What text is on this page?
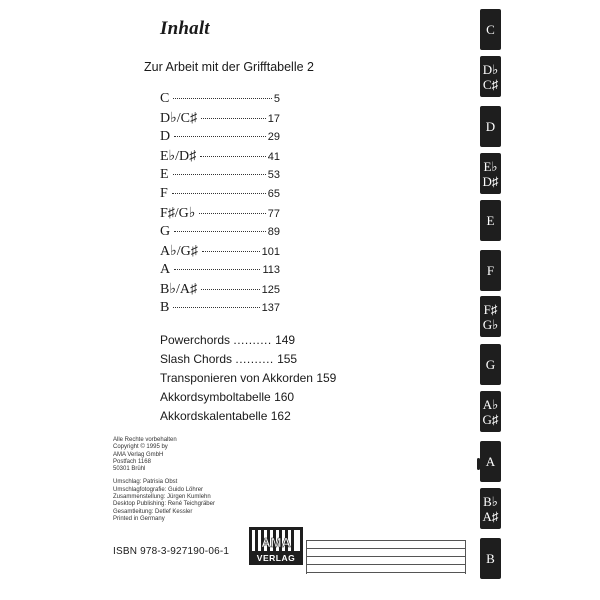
Inhalt
Zur Arbeit mit der Grifftabelle 2
C	5
D♭/C♯	17
D	29
E♭/D♯	41
E	53
F	65
F♯/G♭	77
G	89
A♭/G♯	101
A	113
B♭/A♯	125
B	137
Powerchords .......... 149
Slash Chords .......... 155
Transponieren von Akkorden 159
Akkordsymboltabelle 160
Akkordskalentabelle 162
Alle Rechte vorbehalten
Copyright © 1995 by
AMA Verlag GmbH
Postfach 1168
50301 Brühl
Umschlag: Patrisia Obst
Umschlagfotografie: Guido Löhrer
Zusammenstellung: Jürgen Kumlehn
Desktop Publishing: René Teichgräber
Gesamtleitung: Detlef Kessler
Printed in Germany
ISBN 978-3-927190-06-1
AMA
VERLAG
C
D♭
C♯
D
E♭
D♯
E
F
F♯
G♭
G
A♭
G♯
A
B♭
A♯
B
